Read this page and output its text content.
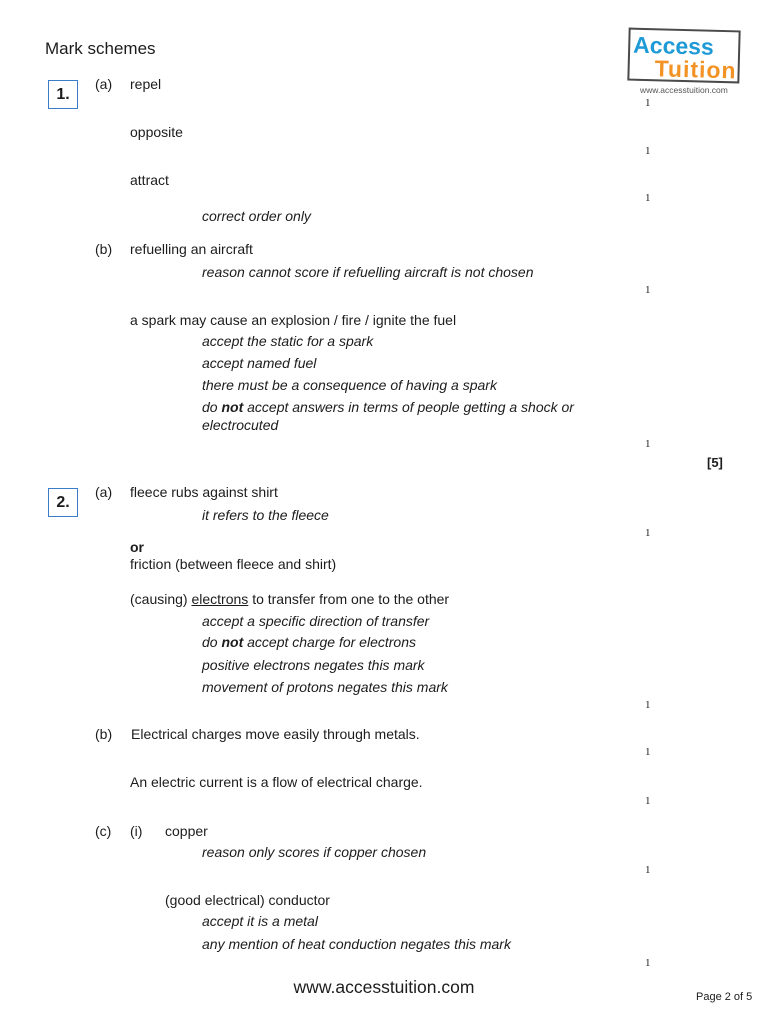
Mark schemes	Access
Tuition
www.accesstuition.com
1.
(a) repel
1
opposite
1
attract
1
correct order only
(b) refuelling an aircraft
reason cannot score if refuelling aircraft is not chosen
1
a spark may cause an explosion / fire / ignite the fuel
accept the static for a spark
accept named fuel
there must be a consequence of having a spark
do not accept answers in terms of people getting a shock or
electrocuted
1
[5]
2.
(a) fleece rubs against shirt
it refers to the fleece
1
or
friction (between fleece and shirt)
(causing) electrons to transfer from one to the other
accept a specific direction of transfer
do not accept charge for electrons
positive electrons negates this mark
movement of protons negates this mark
1
(b) Electrical charges move easily through metals.
1
An electric current is a flow of electrical charge.
1
(c) (i) copper
reason only scores if copper chosen
1
(good electrical) conductor
accept it is a metal
any mention of heat conduction negates this mark
1
www.accesstuition.com	Page 2 of 5
